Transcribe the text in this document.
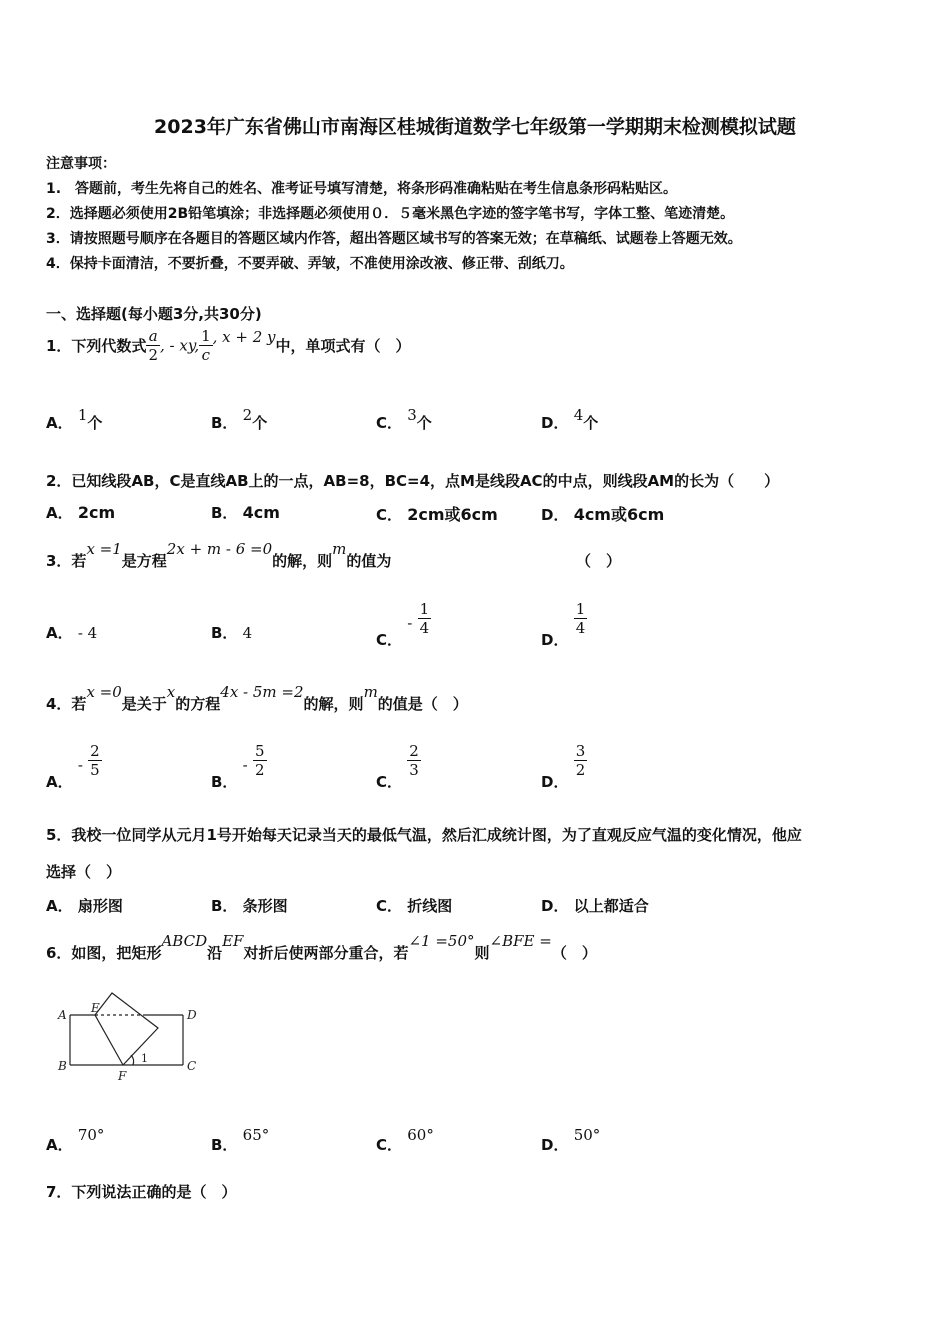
2023年广东省佛山市南海区桂城街道数学七年级第一学期期末检测模拟试题
注意事项：
1.　答题前，考生先将自己的姓名、准考证号填写清楚，将条形码准确粘贴在考生信息条形码粘贴区。
2．选择题必须使用2B铅笔填涂；非选择题必须使用０．５毫米黑色字迹的签字笔书写，字体工整、笔迹清楚。
3．请按照题号顺序在各题目的答题区域内作答，超出答题区域书写的答案无效；在草稿纸、试题卷上答题无效。
4．保持卡面清洁，不要折叠，不要弄破、弄皱，不准使用涂改液、修正带、刮纸刀。
一、选择题(每小题3分,共30分)
1．下列代数式 $\frac{a}{2}$ , - xy, $\frac{1}{c}$ , x + 2 y中，单项式有（　）
A． 1个	B． 2个	C． 3个	D． 4个
2．已知线段AB，C是直线AB上的一点，AB=8，BC=4，点M是线段AC的中点，则线段AM的长为（　　）
A． 2cm	B． 4cm	C． 2cm或6cm	D． 4cm或6cm
3．若x =1是方程2x + m - 6 =0的解，则m的值为	（　）
A． - 4	B． 4	C． - $\frac{1}{4}$
D．
$\frac{1}{4}$
4．若x =0是关于x的方程4x - 5m =2的解，则m的值是（　）
A． - $\frac{2}{5}$
B． - $\frac{5}{2}$
C．
$\frac{2}{3}$
D．
$\frac{3}{2}$
5．我校一位同学从元月1号开始每天记录当天的最低气温，然后汇成统计图，为了直观反应气温的变化情况，他应
选择（　）
A． 扇形图	B． 条形图	C． 折线图	D． 以上都适合
6．如图，把矩形ABCD沿EF对折后使两部分重合，若∠1 =50°则∠BFE =（　）
A E	D
B
F
C
1
A． 70°
B． 65°
C． 60°
D． 50°
7．下列说法正确的是（　）
